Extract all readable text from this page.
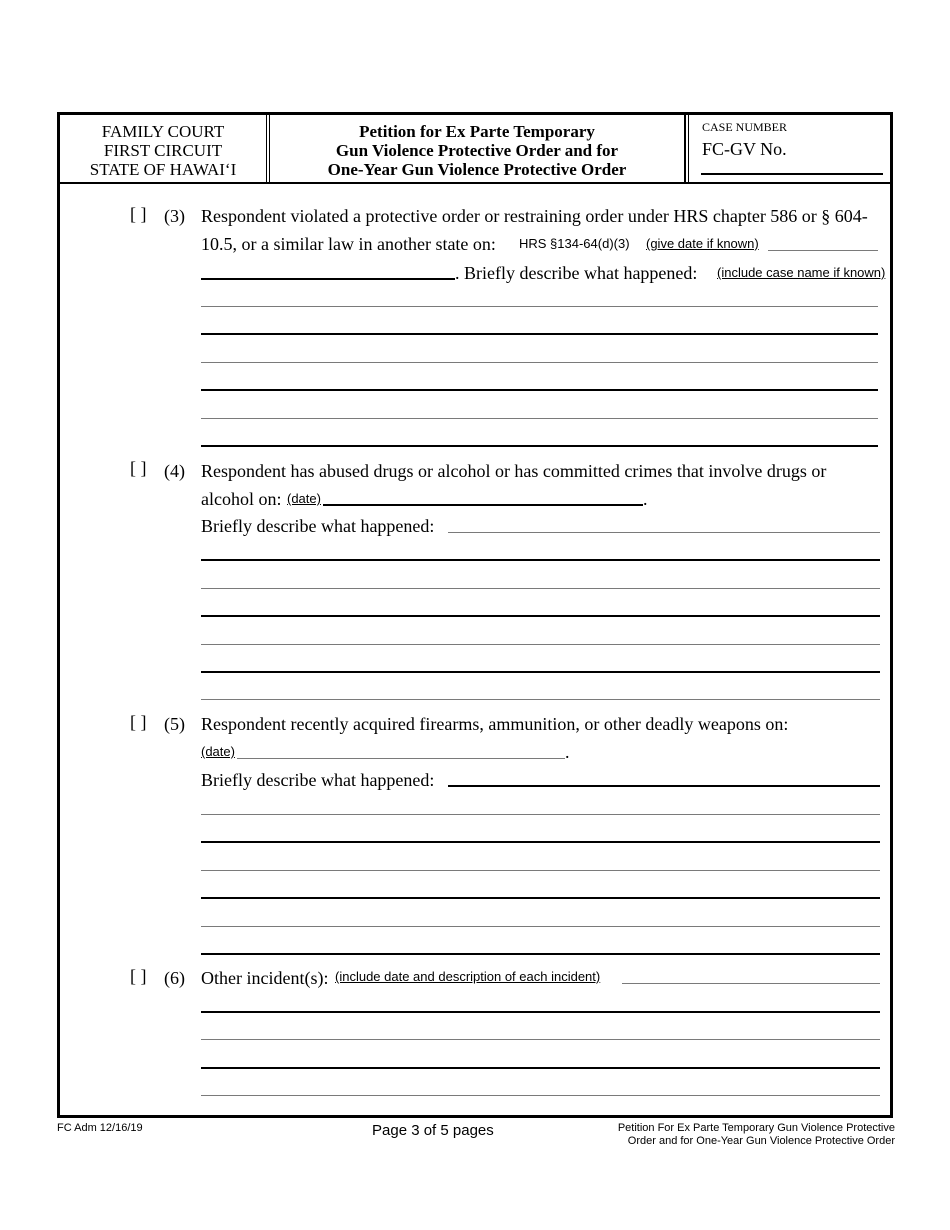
FAMILY COURT
FIRST CIRCUIT
STATE OF HAWAI‘I
Petition for Ex Parte Temporary
Gun Violence Protective Order and for
One-Year Gun Violence Protective Order
CASE NUMBER
FC-GV No.
[ ] (3) Respondent violated a protective order or restraining order under HRS chapter 586 or § 604-
10.5, or a similar law in another state on: HRS §134-64(d)(3) (give date if known)
. Briefly describe what happened: (include case name if known)
[ ] (4) Respondent has abused drugs or alcohol or has committed crimes that involve drugs or
alcohol on: (date)	.
Briefly describe what happened:
[ ] (5) Respondent recently acquired firearms, ammunition, or other deadly weapons on:
(date)	.
Briefly describe what happened:
[ ] (6) Other incident(s): (include date and description of each incident)
FC Adm 12/16/19	Page 3 of 5 pages	Petition For Ex Parte Temporary Gun Violence Protective
Order and for One-Year Gun Violence Protective Order
